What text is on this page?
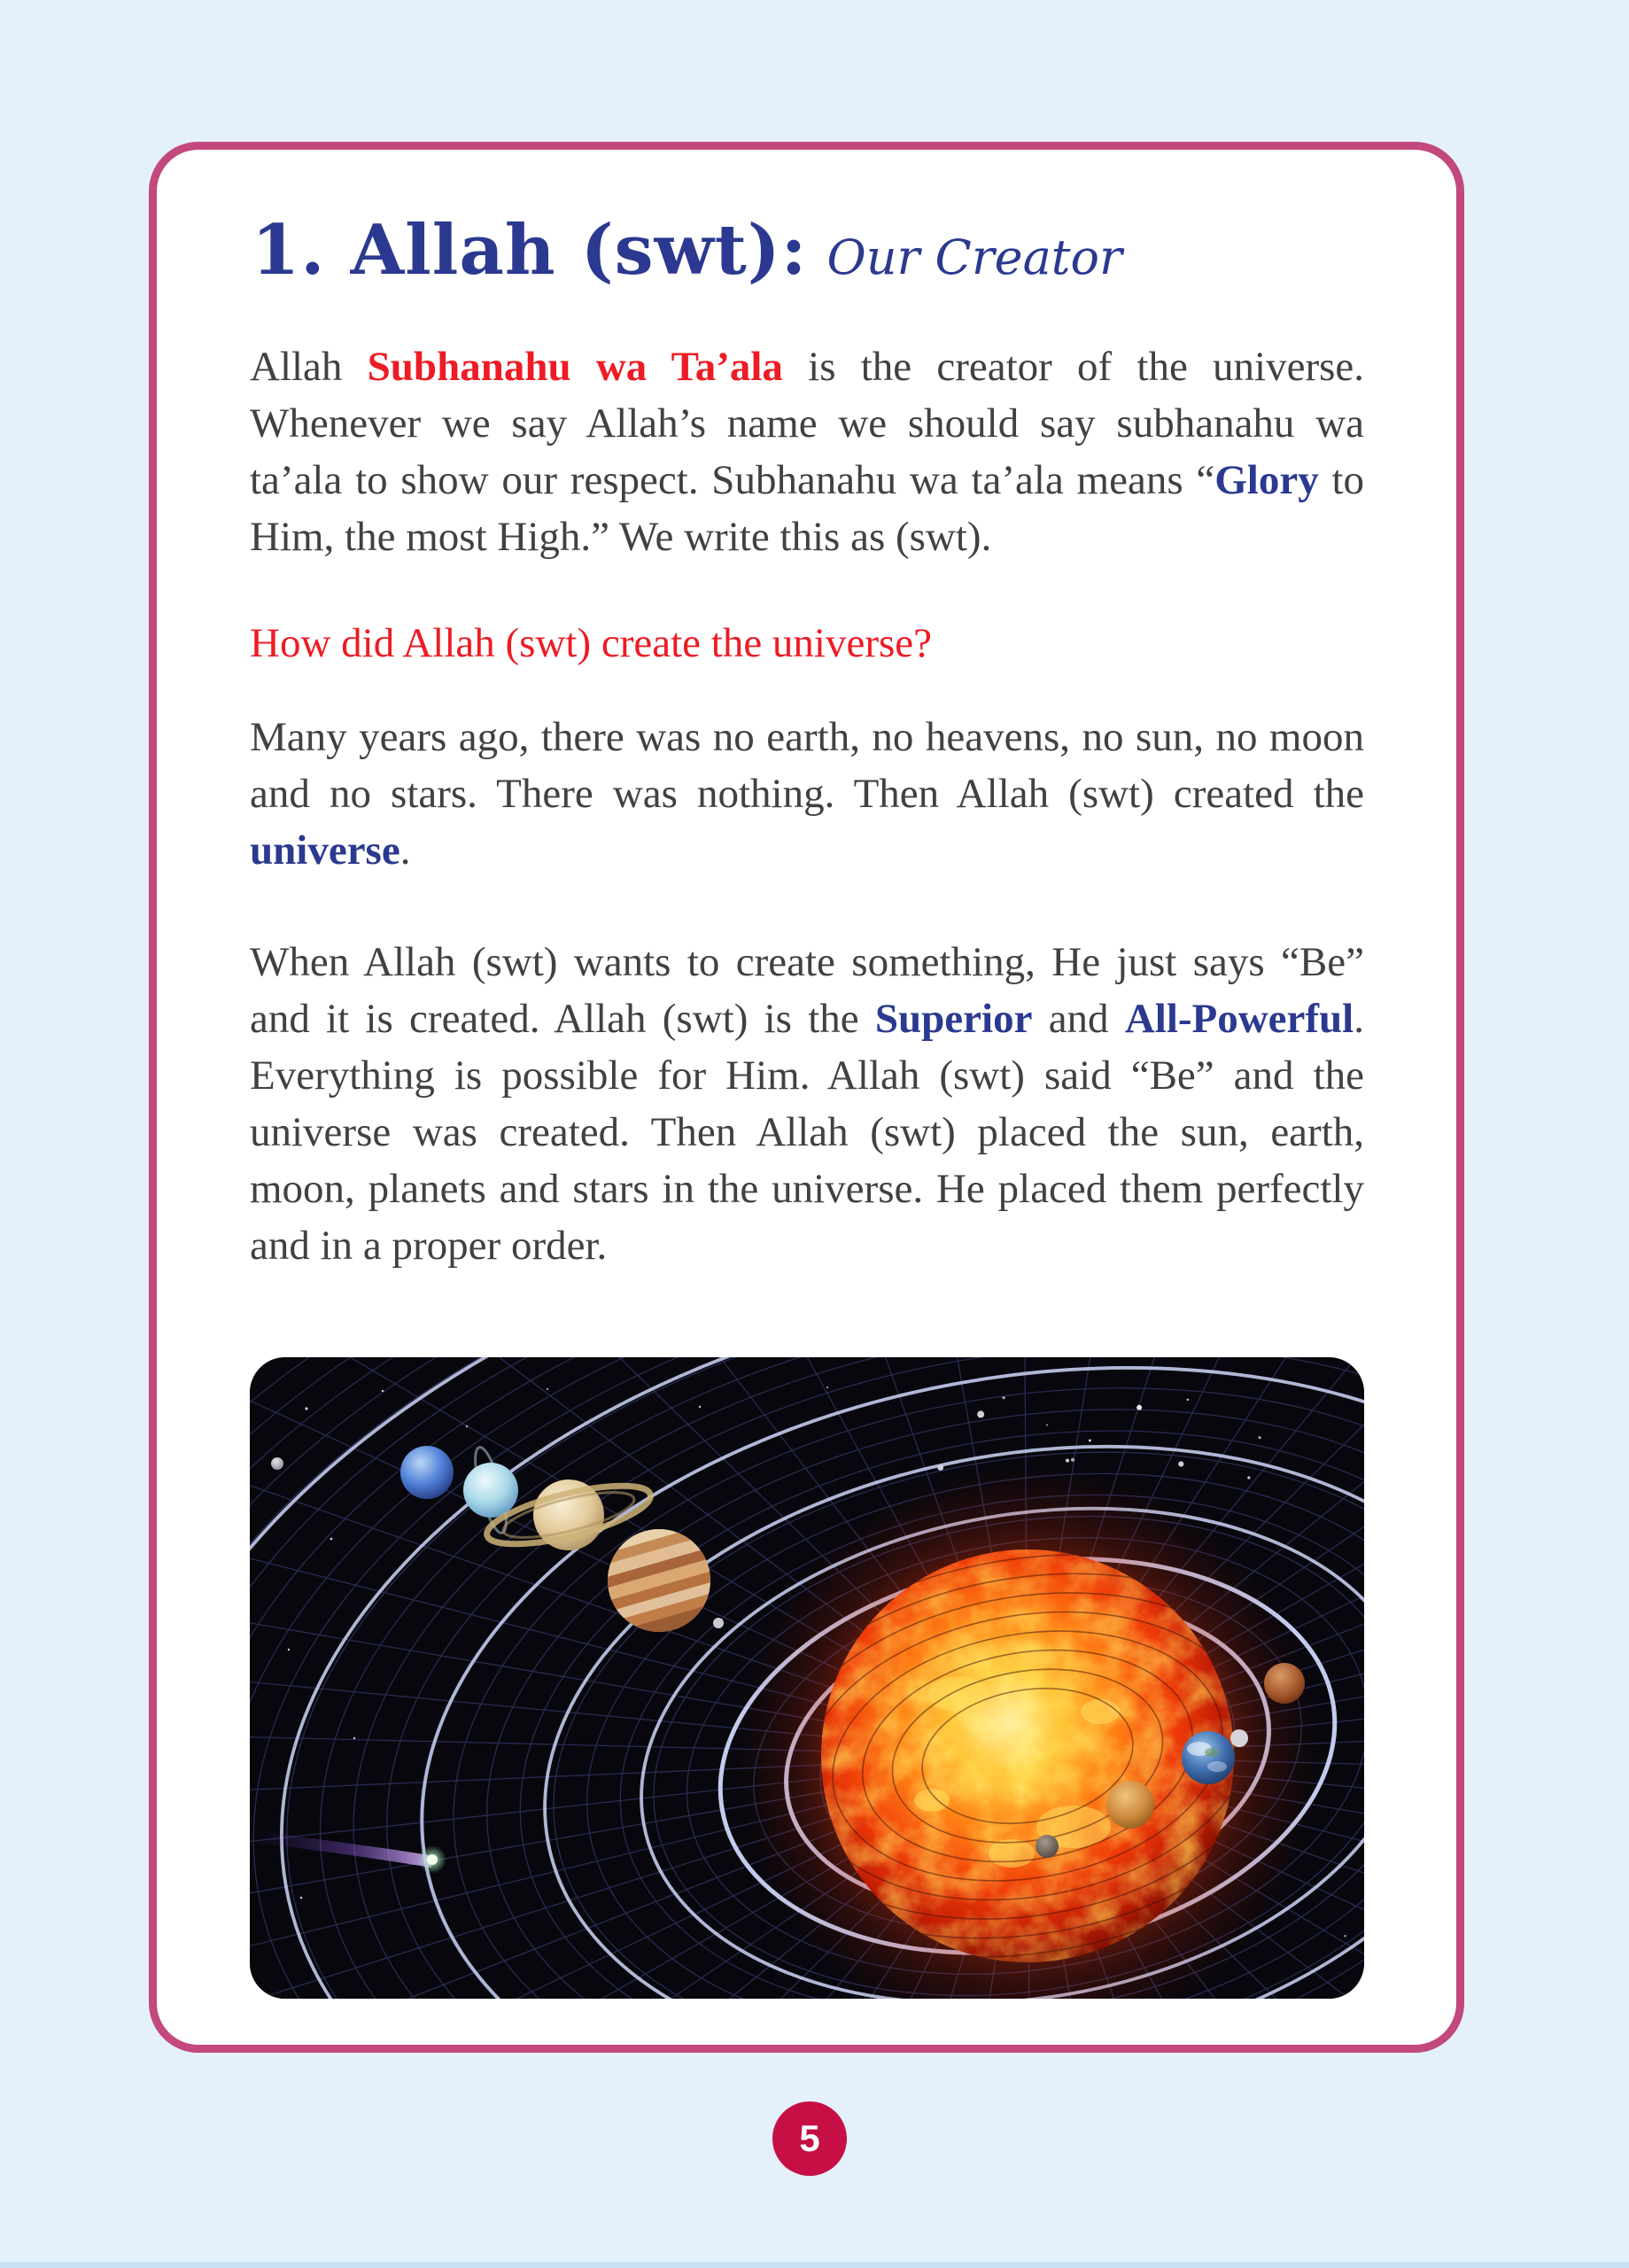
1. Allah (swt): Our Creator

Allah Subhanahu wa Ta’ala is the creator of the universe. Whenever we say Allah’s name we should say subhanahu wa ta’ala to show our respect. Subhanahu wa ta’ala means “Glory to Him, the most High.” We write this as (swt).

How did Allah (swt) create the universe?

Many years ago, there was no earth, no heavens, no sun, no moon and no stars. There was nothing. Then Allah (swt) created the universe.

When Allah (swt) wants to create something, He just says “Be” and it is created. Allah (swt) is the Superior and All-Powerful. Everything is possible for Him. Allah (swt) said “Be” and the universe was created. Then Allah (swt) placed the sun, earth, moon, planets and stars in the universe. He placed them perfectly and in a proper order.

5
